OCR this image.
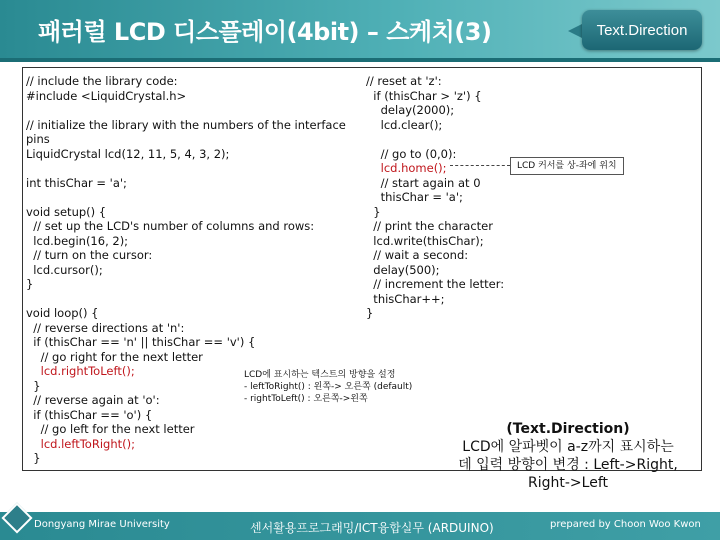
패러럴 LCD 디스플레이(4bit) – 스케치(3)	Text.Direction
// include the library code:
#include <LiquidCrystal.h>

// initialize the library with the numbers of the interface
pins
LiquidCrystal lcd(12, 11, 5, 4, 3, 2);

int thisChar = 'a';

void setup() {
// set up the LCD's number of columns and rows:
lcd.begin(16, 2);
// turn on the cursor:
lcd.cursor();
}

void loop() {
// reverse directions at 'n':
if (thisChar == 'n' || thisChar == 'v') {
// go right for the next letter
lcd.rightToLeft();
}
// reverse again at 'o':
if (thisChar == 'o') {
// go left for the next letter
lcd.leftToRight();
}

// reset at 'z':
if (thisChar > 'z') {
delay(2000);
lcd.clear();

// go to (0,0):
lcd.home();
// start again at 0
thisChar = 'a';
}
// print the character
lcd.write(thisChar);
// wait a second:
delay(500);
// increment the letter:
thisChar++;
}

LCD 커서를 상-좌에 위치
LCD에 표시하는 텍스트의 방향을 설정
- leftToRight() : 왼쪽-> 오른쪽 (default)
- rightToLeft() : 오른쪽->왼쪽
(Text.Direction)
LCD에 알파벳이 a-z까지 표시하는데 입력 방향이 변경 : Left->Right, Right->Left
Dongyang Mirae University	센서활용프로그래밍/ICT융합실무 (ARDUINO)	prepared by Choon Woo Kwon
